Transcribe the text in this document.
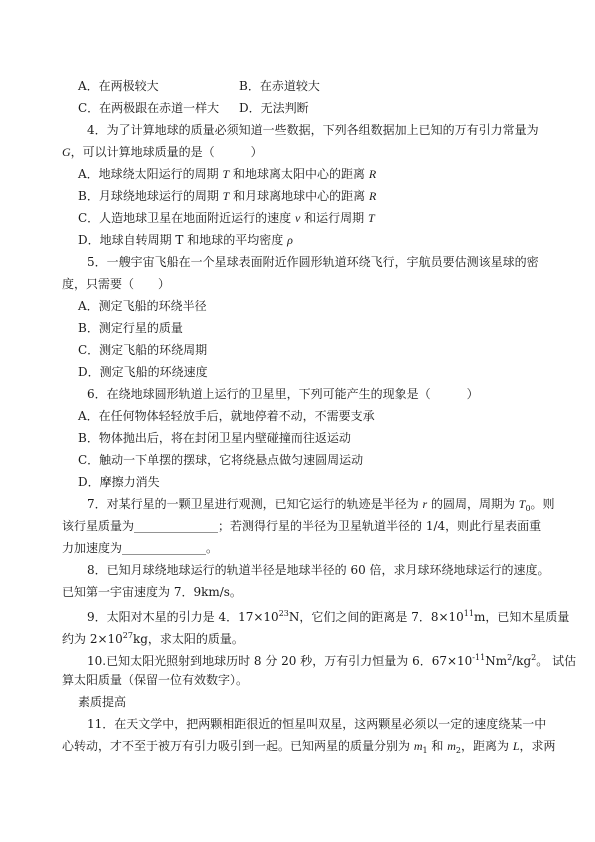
A．在两极较大	B．在赤道较大
C．在两极跟在赤道一样大 D．无法判断
4．为了计算地球的质量必须知道一些数据，下列各组数据加上已知的万有引力常量为
G，可以计算地球质量的是（　　　）
A．地球绕太阳运行的周期 T 和地球离太阳中心的距离 R
B．月球绕地球运行的周期 T 和月球离地球中心的距离 R
C．人造地球卫星在地面附近运行的速度 v 和运行周期 T
D．地球自转周期 T 和地球的平均密度 ρ
5．一艘宇宙飞船在一个星球表面附近作圆形轨道环绕飞行，宇航员要估测该星球的密
度，只需要（　　）
A．测定飞船的环绕半径
B．测定行星的质量
C．测定飞船的环绕周期
D．测定飞船的环绕速度
6．在绕地球圆形轨道上运行的卫星里，下列可能产生的现象是（　　　）
A．在任何物体轻轻放手后，就地停着不动，不需要支承
B．物体抛出后，将在封闭卫星内壁碰撞而往返运动
C．触动一下单摆的摆球，它将绕悬点做匀速圆周运动
D．摩擦力消失
7．对某行星的一颗卫星进行观测，已知它运行的轨迹是半径为 r 的圆周，周期为 $T_0$。则
该行星质量为______________；若测得行星的半径为卫星轨道半径的 1/4，则此行星表面重
力加速度为______________。
8．已知月球绕地球运行的轨道半径是地球半径的 60 倍，求月球环绕地球运行的速度。
已知第一宇宙速度为 7．9km/s。
9．太阳对木星的引力是 4．$17\times 10^{23}N$，它们之间的距离是 7．$8\times 10^{11}m$，已知木星质量
约为 $2\times 10^{27}kg$，求太阳的质量。
10.已知太阳光照射到地球历时 8 分 20 秒，万有引力恒量为 6．$67\times 10^{-11}Nm^2/kg^2$。 试估
算太阳质量（保留一位有效数字）。
素质提高
11．在天文学中，把两颗相距很近的恒星叫双星，这两颗星必须以一定的速度绕某一中
心转动，才不至于被万有引力吸引到一起。已知两星的质量分别为 $m_1$ 和 $m_2$，距离为 L，求两
